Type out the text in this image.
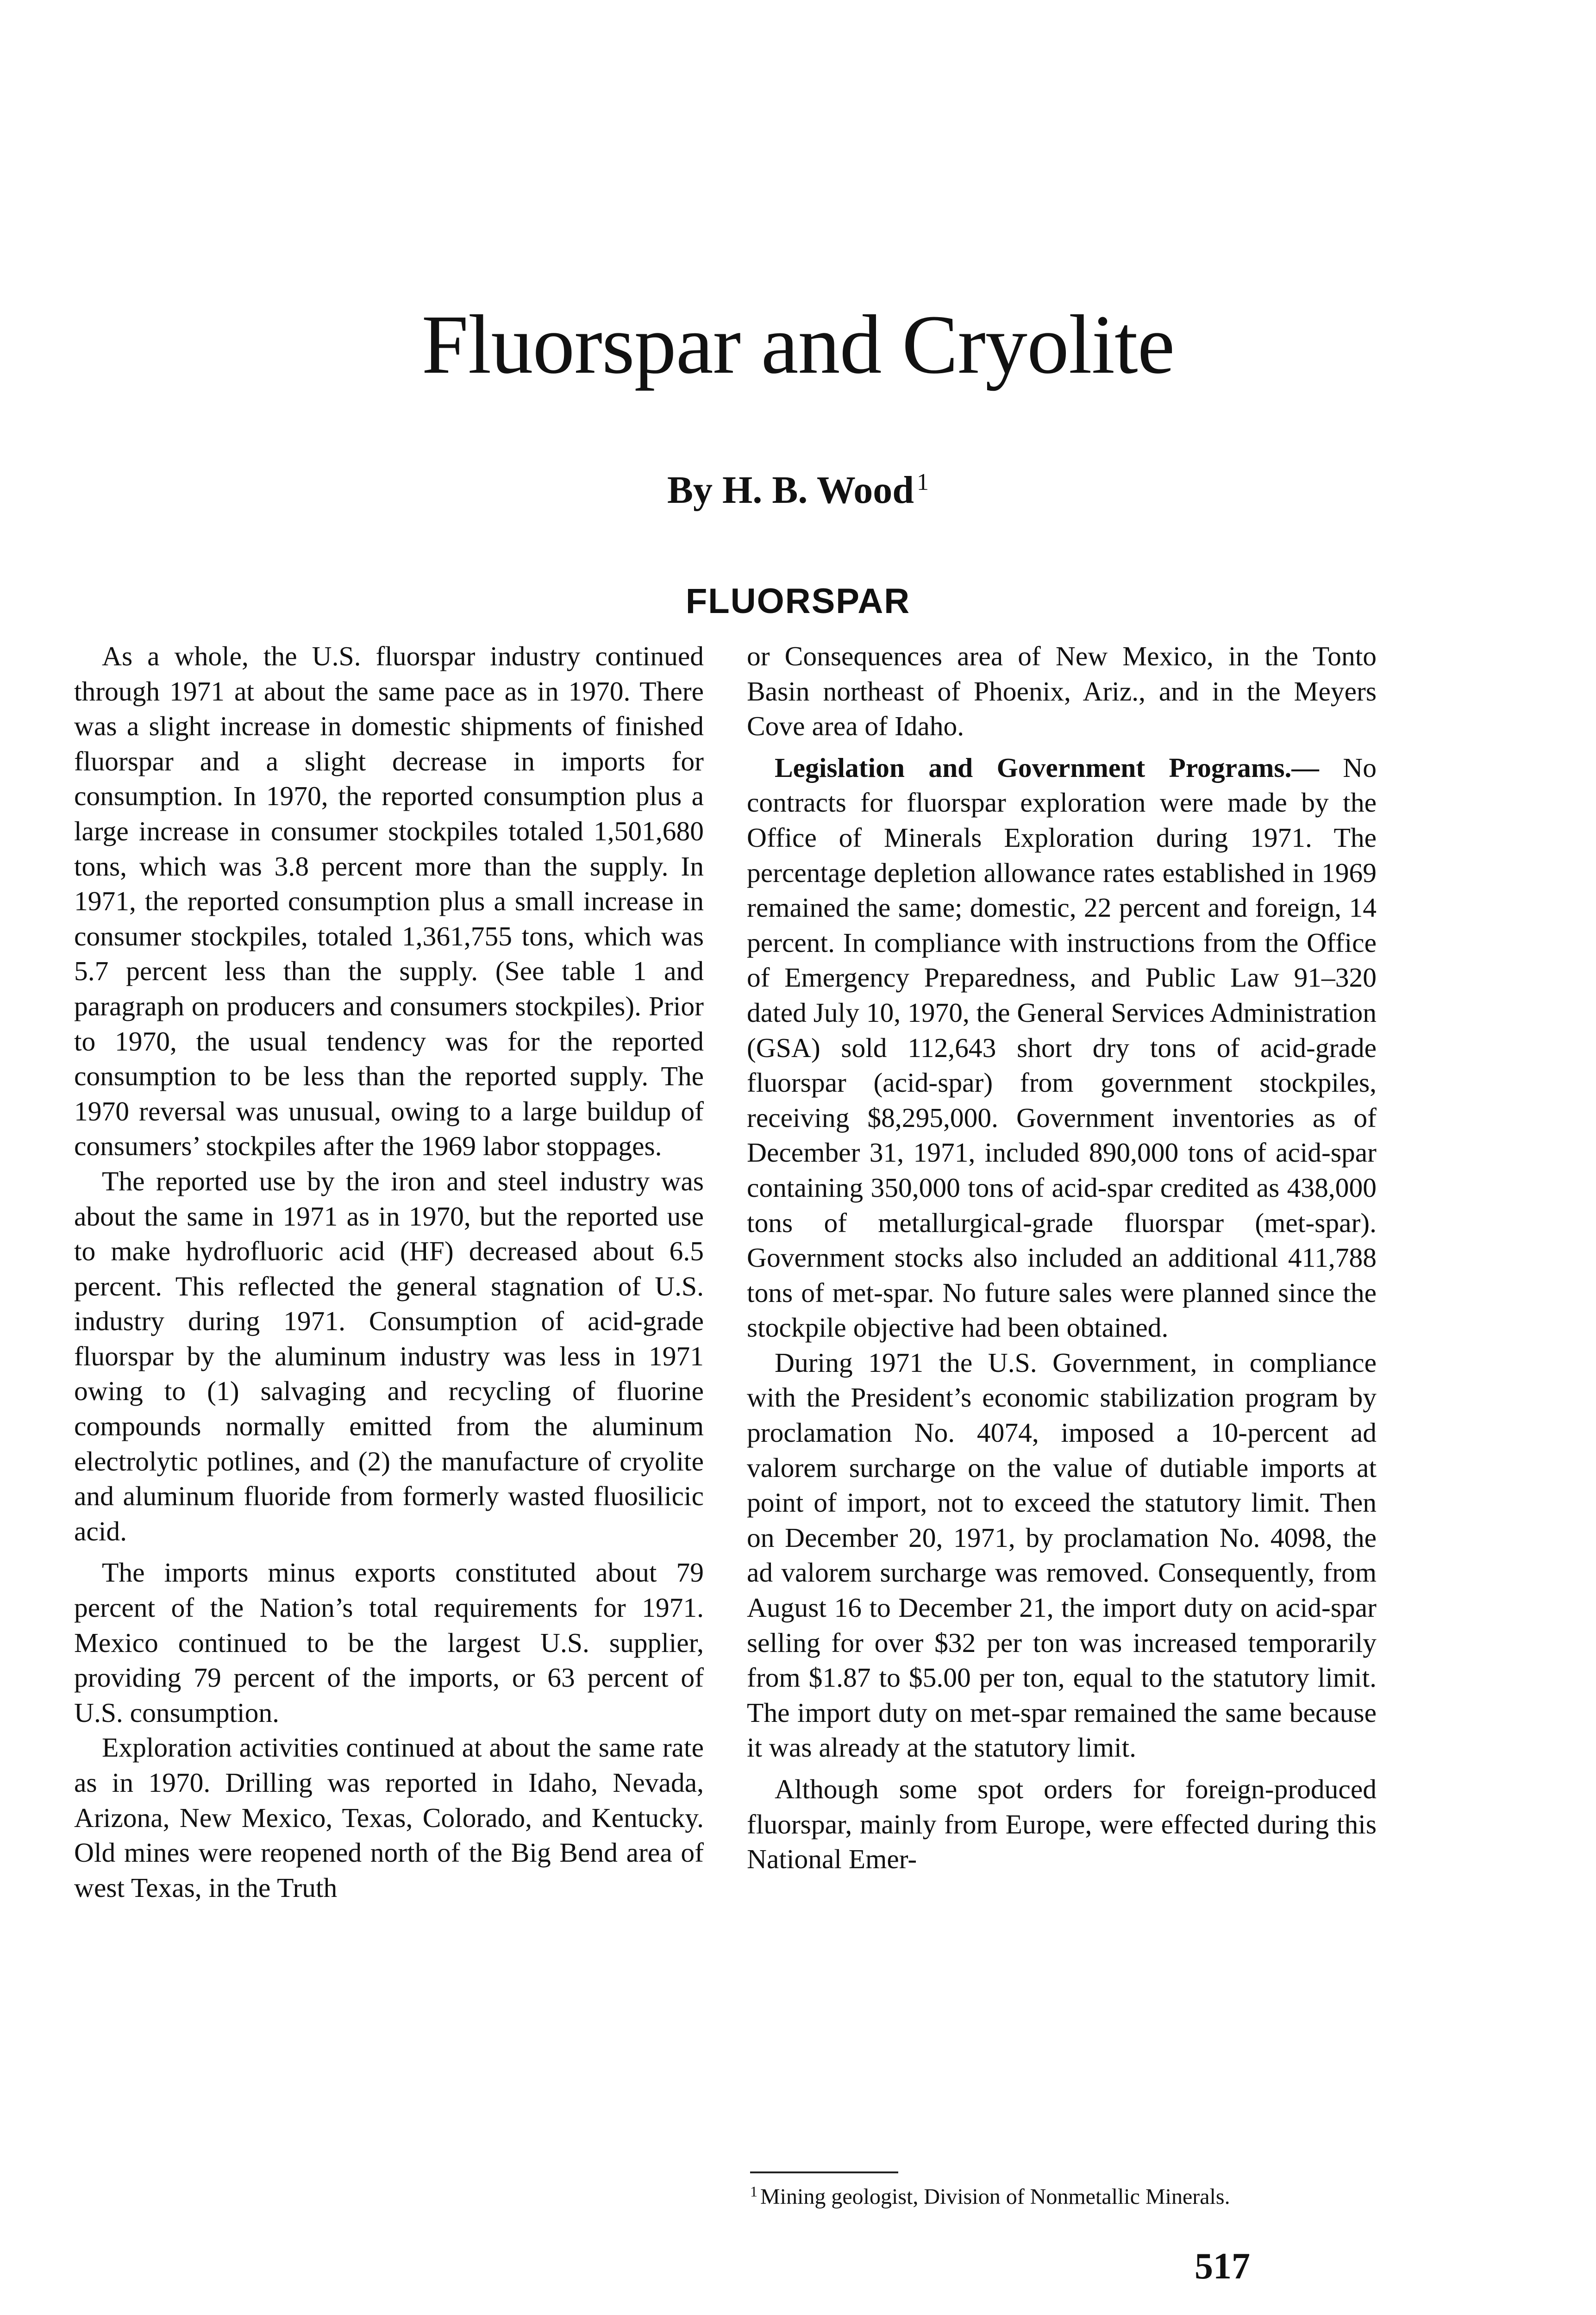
Fluorspar and Cryolite

By H. B. Wood $^1$

FLUORSPAR

As a whole, the U.S. fluorspar industry continued through 1971 at about the same pace as in 1970. There was a slight increase in domestic shipments of finished fluorspar and a slight decrease in imports for consumption. In 1970, the reported consumption plus a large increase in consumer stockpiles totaled 1,501,680 tons, which was 3.8 percent more than the supply. In 1971, the reported consumption plus a small increase in consumer stockpiles, totaled 1,361,755 tons, which was 5.7 percent less than the supply. (See table 1 and paragraph on producers and consumers stockpiles). Prior to 1970, the usual tendency was for the reported consumption to be less than the reported supply. The 1970 reversal was unusual, owing to a large buildup of consumers’ stockpiles after the 1969 labor stoppages.

The reported use by the iron and steel industry was about the same in 1971 as in 1970, but the reported use to make hydrofluoric acid (HF) decreased about 6.5 percent. This reflected the general stagnation of U.S. industry during 1971. Consumption of acid-grade fluorspar by the aluminum industry was less in 1971 owing to (1) salvaging and recycling of fluorine compounds normally emitted from the aluminum electrolytic potlines, and (2) the manufacture of cryolite and aluminum fluoride from formerly wasted fluosilicic acid.

The imports minus exports constituted about 79 percent of the Nation’s total requirements for 1971. Mexico continued to be the largest U.S. supplier, providing 79 percent of the imports, or 63 percent of U.S. consumption.

Exploration activities continued at about the same rate as in 1970. Drilling was reported in Idaho, Nevada, Arizona, New Mexico, Texas, Colorado, and Kentucky. Old mines were reopened north of the Big Bend area of west Texas, in the Truth

or Consequences area of New Mexico, in the Tonto Basin northeast of Phoenix, Ariz., and in the Meyers Cove area of Idaho.

Legislation and Government Programs.— No contracts for fluorspar exploration were made by the Office of Minerals Exploration during 1971. The percentage depletion allowance rates established in 1969 remained the same; domestic, 22 percent and foreign, 14 percent. In compliance with instructions from the Office of Emergency Preparedness, and Public Law 91–320 dated July 10, 1970, the General Services Administration (GSA) sold 112,643 short dry tons of acid-grade fluorspar (acid-spar) from government stockpiles, receiving $8,295,000. Government inventories as of December 31, 1971, included 890,000 tons of acid-spar containing 350,000 tons of acid-spar credited as 438,000 tons of metallurgical-grade fluorspar (met-spar). Government stocks also included an additional 411,788 tons of met-spar. No future sales were planned since the stockpile objective had been obtained.

During 1971 the U.S. Government, in compliance with the President’s economic stabilization program by proclamation No. 4074, imposed a 10-percent ad valorem surcharge on the value of dutiable imports at point of import, not to exceed the statutory limit. Then on December 20, 1971, by proclamation No. 4098, the ad valorem surcharge was removed. Consequently, from August 16 to December 21, the import duty on acid-spar selling for over $32 per ton was increased temporarily from $1.87 to $5.00 per ton, equal to the statutory limit. The import duty on met-spar remained the same because it was already at the statutory limit.

Although some spot orders for foreign-produced fluorspar, mainly from Europe, were effected during this National Emer-

$^1$ Mining geologist, Division of Nonmetallic Minerals.

517
